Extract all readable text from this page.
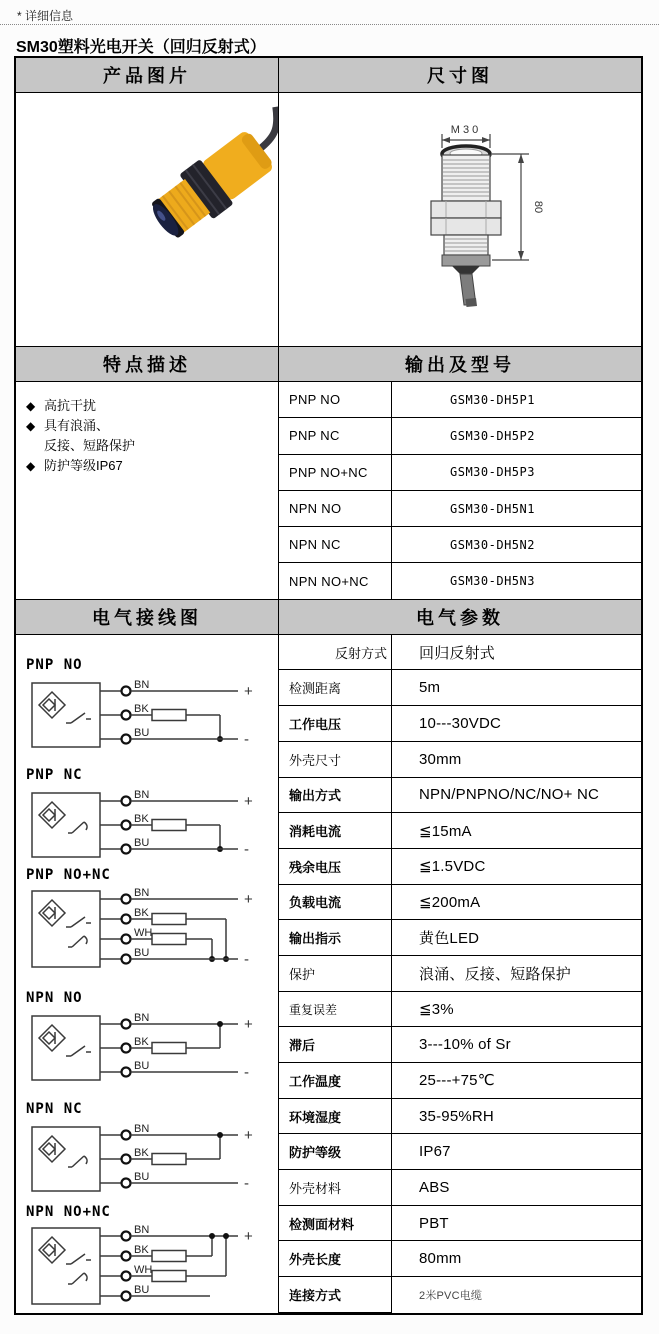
* 详细信息
SM30塑料光电开关（回归反射式）
产品图片	尺寸图
M30
80
特点描述	输出及型号
◆ 高抗干扰
◆ 具有浪涌、
反接、短路保护
◆ 防护等级IP67
PNP NO	GSM30-DH5P1
PNP NC	GSM30-DH5P2
PNP NO+NC	GSM30-DH5P3
NPN NO	GSM30-DH5N1
NPN NC	GSM30-DH5N2
NPN NO+NC	GSM30-DH5N3
电气接线图	电气参数
PNP NO
BN	+
BK
BU	-
PNP NC
BN	+
BK
BU	-
PNP NO+NC
BN	+
BK
WH
BU	-
NPN NO
BN	+
BK
BU	-
NPN NC
BN	+
BK
BU	-
NPN NO+NC
BN	+
BK
WH
BU
反射方式	回归反射式
检测距离	5m
工作电压	10---30VDC
外壳尺寸	30mm
输出方式	NPN/PNPNO/NC/NO+ NC
消耗电流	≦15mA
残余电压	≦1.5VDC
负载电流	≦200mA
输出指示	黄色LED
保护	浪涌、反接、短路保护
重复误差	≦3%
滞后	3---10% of Sr
工作温度	25---+75℃
环境湿度	35-95%RH
防护等级	IP67
外壳材料	ABS
检测面材料	PBT
外壳长度	80mm
连接方式	2米PVC电缆
